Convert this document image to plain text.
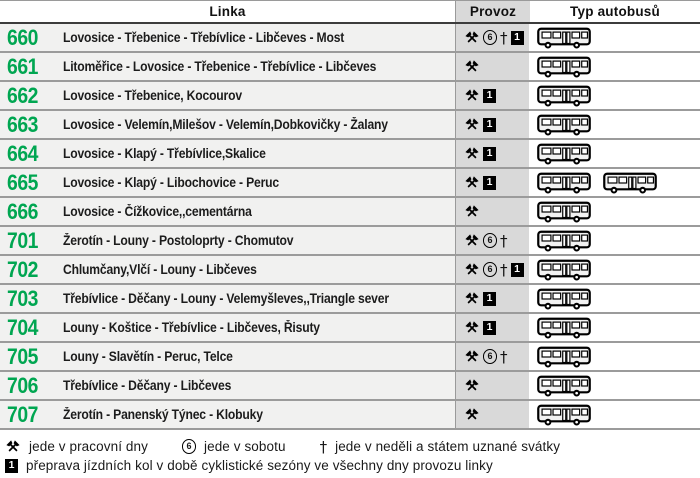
Linka	Provoz	Typ autobusů
660 Lovosice - Třebenice - Třebívlice - Libčeves - Most	6 † 1
661 Litoměřice - Lovosice - Třebenice - Třebívlice - Libčeves
662 Lovosice - Třebenice, Kocourov	1
663 Lovosice - Velemín,Milešov - Velemín,Dobkovičky - Žalany	1
664 Lovosice - Klapý - Třebívlice,Skalice	1
665 Lovosice - Klapý - Libochovice - Peruc	1
666 Lovosice - Čížkovice,,cementárna
701 Žerotín - Louny - Postoloprty - Chomutov	6 †
702 Chlumčany,Vlčí - Louny - Libčeves	6 † 1
703 Třebívlice - Děčany - Louny - Velemyšleves,,Triangle sever	1
704 Louny - Koštice - Třebívlice - Libčeves, Řisuty	1
705 Louny - Slavětín - Peruc, Telce	6 †
706 Třebívlice - Děčany - Libčeves
707 Žerotín - Panenský Týnec - Klobuky
jede v pracovní dny	6 jede v sobotu † jede v neděli a státem uznané svátky
1 přeprava jízdních kol v době cyklistické sezóny ve všechny dny provozu linky
